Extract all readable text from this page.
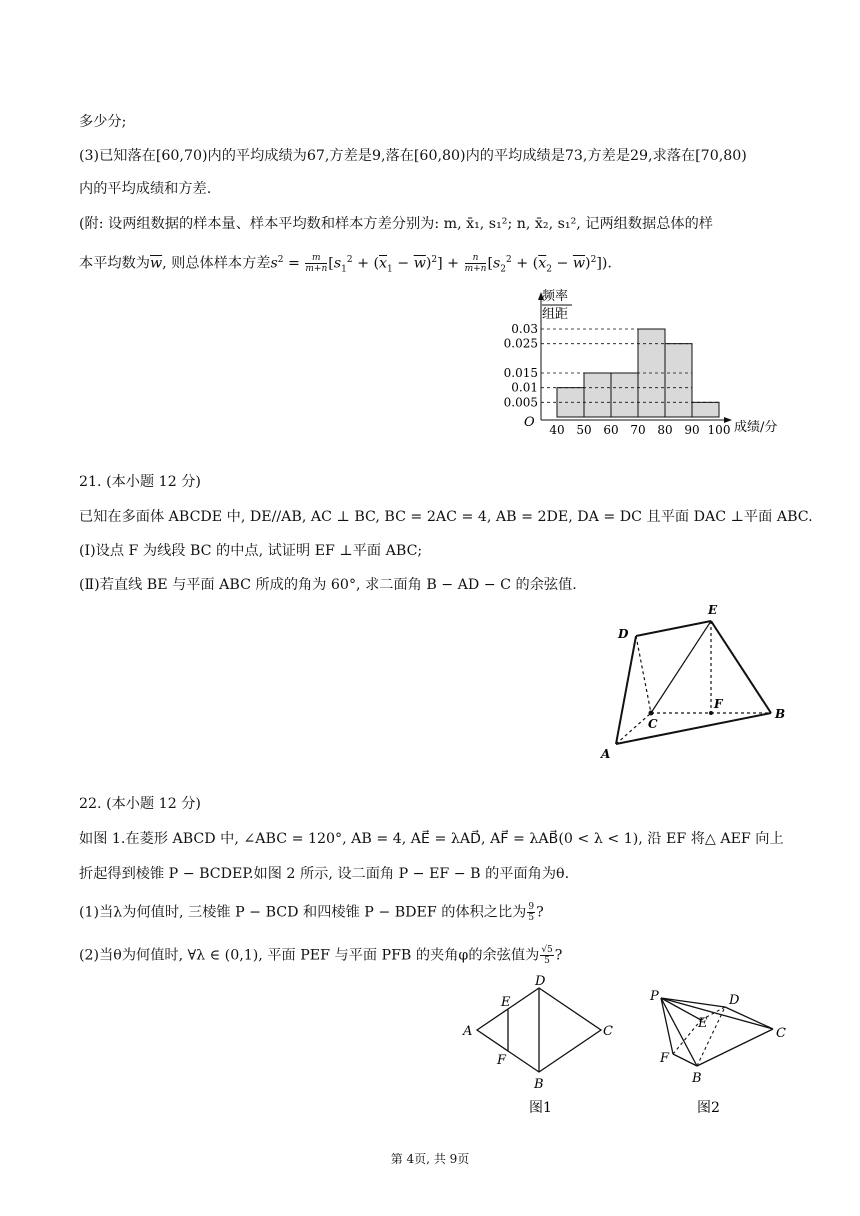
多少分;
(3)已知落在[60,70)内的平均成绩为67,方差是9,落在[60,80)内的平均成绩是73,方差是29,求落在[70,80)
内的平均成绩和方差.
(附: 设两组数据的样本量、样本平均数和样本方差分别为: m, x̄₁, s₁²; n, x̄₂, s₁², 记两组数据总体的样
本平均数为$\overline{w}$, 则总体样本方差$s^2 = \frac{m}{m+n} [s_1^2 + (\overline{x}_1 - \overline{w})^2] + \frac{n}{m+n} [s_2^2 + (\overline{x}_2 - \overline{w})^2]$).
0.03
0.025
0.015
0.01
0.005
40 50 60 70 80 90 100
频率
组距
O	成绩/分
21. (本小题 12 分)
已知在多面体 ABCDE 中, DE//AB, AC ⊥ BC, BC = 2AC = 4, AB = 2DE, DA = DC 且平面 DAC ⊥平面 ABC.
(Ⅰ)设点 F 为线段 BC 的中点, 试证明 EF ⊥平面 ABC;
(Ⅱ)若直线 BE 与平面 ABC 所成的角为 60°, 求二面角 B − AD − C 的余弦值.
D
E
C
F
B
A
22. (本小题 12 分)
如图 1.在菱形 ABCD 中, ∠ABC = 120°, AB = 4, AE⃗ = λAD⃗, AF⃗ = λAB⃗(0 < λ < 1), 沿 EF 将△ AEF 向上
折起得到棱锥 P − BCDEP.如图 2 所示, 设二面角 P − EF − B 的平面角为θ.
(1)当λ为何值时, 三棱锥 P − BCD 和四棱锥 P − BDEF 的体积之比为 $\frac{9}{5}$ ?
(2)当θ为何值时, ∀λ ∈ (0,1), 平面 PEF 与平面 PFB 的夹角φ的余弦值为 $\frac{√5}{5}$ ?
D
E
A	C
F
B
图1
P	D
E
C
F
B
图2
第 4页, 共 9页
